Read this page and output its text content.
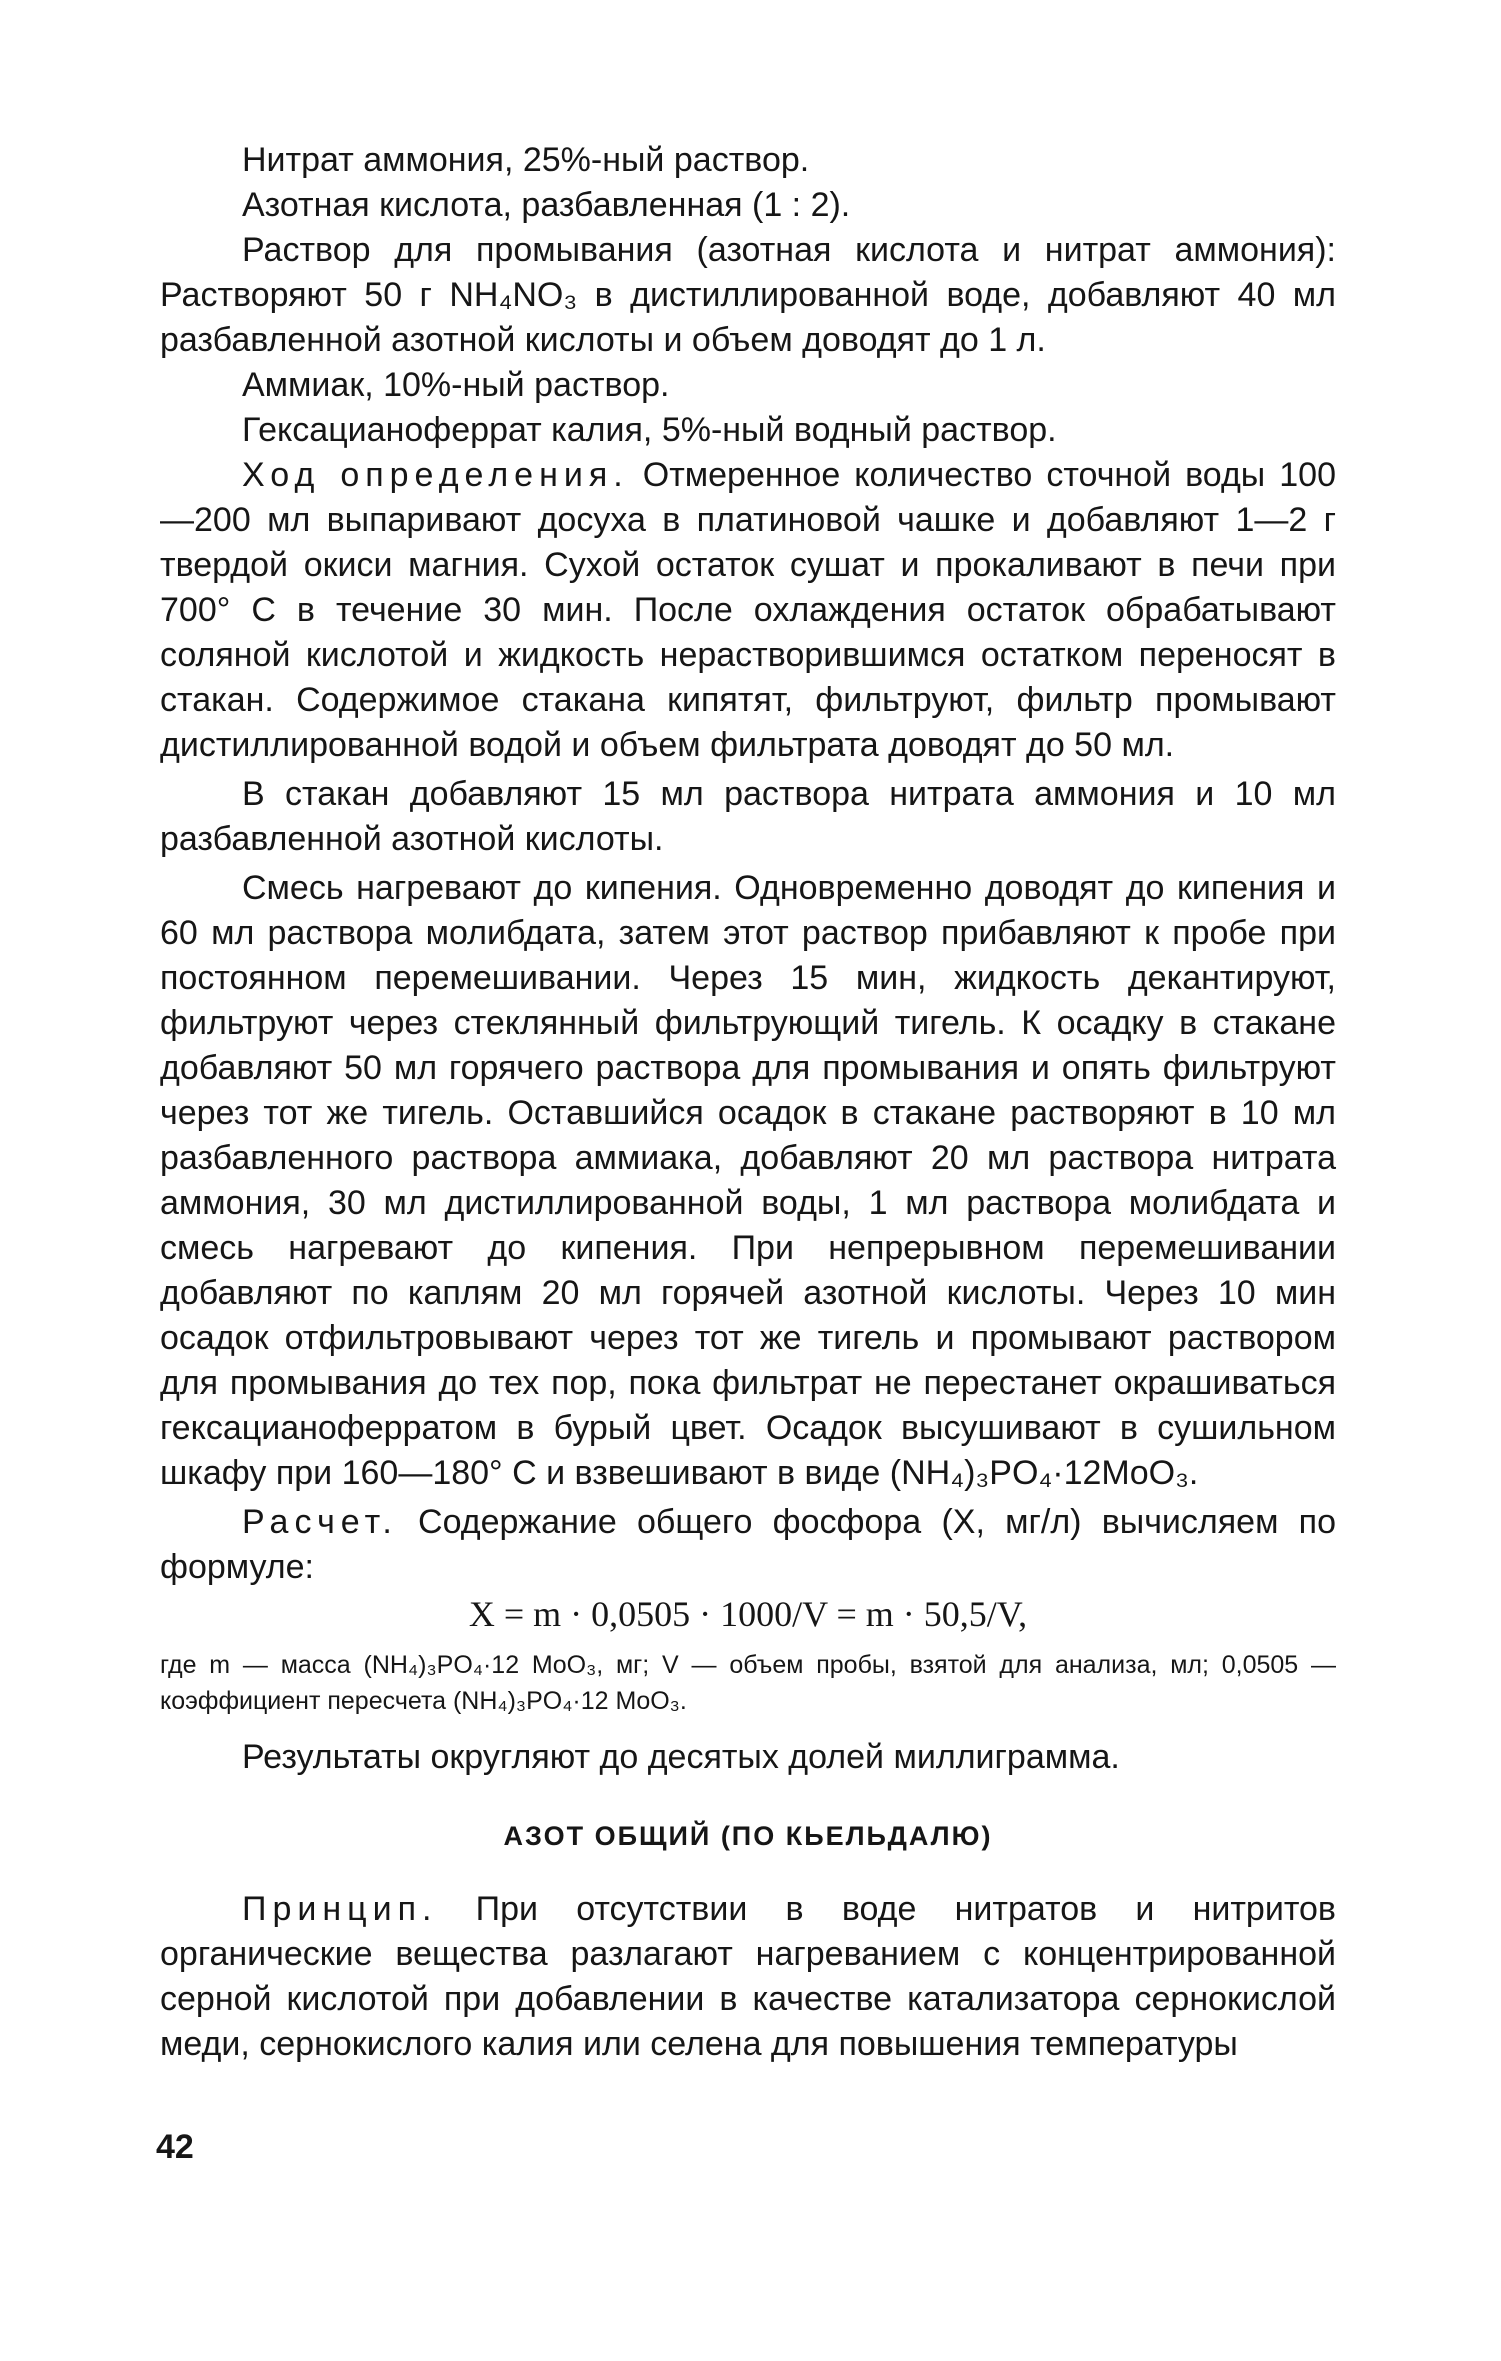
Нитрат аммония, 25%-ный раствор.

Азотная кислота, разбавленная (1 : 2).

Раствор для промывания (азотная кислота и нитрат аммония): Растворяют 50 г NH₄NO₃ в дистиллированной воде, добавляют 40 мл разбавленной азотной кислоты и объем доводят до 1 л.

Аммиак, 10%-ный раствор.

Гексацианоферрат калия, 5%-ный водный раствор.

Ход определения. Отмеренное количество сточной воды 100—200 мл выпаривают досуха в платиновой чашке и добавляют 1—2 г твердой окиси магния. Сухой остаток сушат и прокаливают в печи при 700° С в течение 30 мин. После охлаждения остаток обрабатывают соляной кислотой и жидкость нерастворившимся остатком переносят в стакан. Содержимое стакана кипятят, фильтруют, фильтр промывают дистиллированной водой и объем фильтрата доводят до 50 мл.

В стакан добавляют 15 мл раствора нитрата аммония и 10 мл разбавленной азотной кислоты.

Смесь нагревают до кипения. Одновременно доводят до кипения и 60 мл раствора молибдата, затем этот раствор прибавляют к пробе при постоянном перемешивании. Через 15 мин, жидкость декантируют, фильтруют через стеклянный фильтрующий тигель. К осадку в стакане добавляют 50 мл горячего раствора для промывания и опять фильтруют через тот же тигель. Оставшийся осадок в стакане растворяют в 10 мл разбавленного раствора аммиака, добавляют 20 мл раствора нитрата аммония, 30 мл дистиллированной воды, 1 мл раствора молибдата и смесь нагревают до кипения. При непрерывном перемешивании добавляют по каплям 20 мл горячей азотной кислоты. Через 10 мин осадок отфильтровывают через тот же тигель и промывают раствором для промывания до тех пор, пока фильтрат не перестанет окрашиваться гексацианоферратом в бурый цвет. Осадок высушивают в сушильном шкафу при 160—180° С и взвешивают в виде (NH₄)₃PO₄·12MoO₃.

Расчет. Содержание общего фосфора (X, мг/л) вычисляем по формуле:

X = m · 0,0505 · 1000/V = m · 50,5/V,

где m — масса (NH₄)₃PO₄·12 MoO₃, мг; V — объем пробы, взятой для анализа, мл; 0,0505 — коэффициент пересчета (NH₄)₃PO₄·12 MoO₃.

Результаты округляют до десятых долей миллиграмма.

АЗОТ ОБЩИЙ (ПО КЬЕЛЬДАЛЮ)

Принцип. При отсутствии в воде нитратов и нитритов органические вещества разлагают нагреванием с концентрированной серной кислотой при добавлении в качестве катализатора сернокислой меди, сернокислого калия или селена для повышения температуры

42
